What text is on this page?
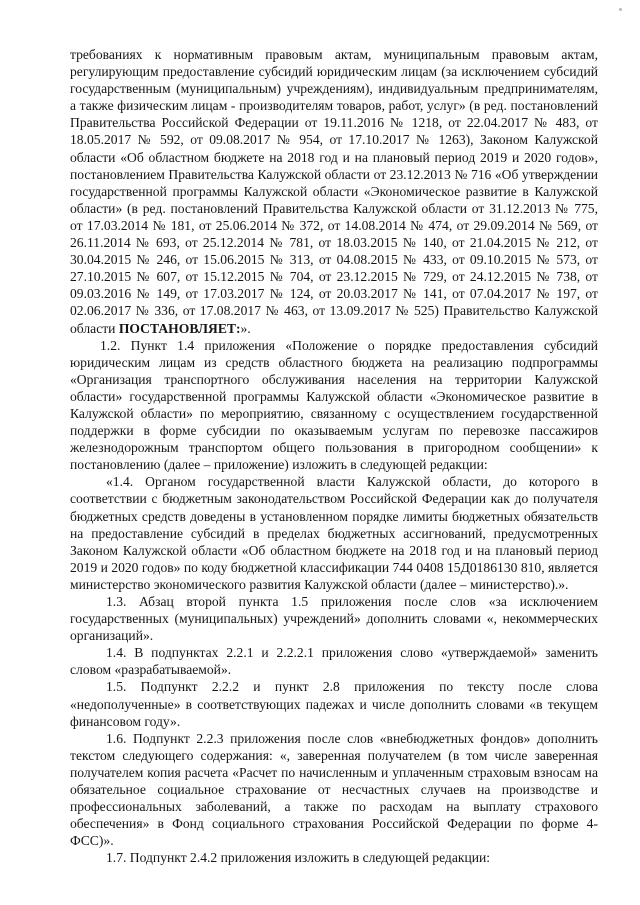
требованиях к нормативным правовым актам, муниципальным правовым актам, регулирующим предоставление субсидий юридическим лицам (за исключением субсидий государственным (муниципальным) учреждениям), индивидуальным предпринимателям, а также физическим лицам - производителям товаров, работ, услуг» (в ред. постановлений Правительства Российской Федерации от 19.11.2016 № 1218, от 22.04.2017 № 483, от 18.05.2017 № 592, от 09.08.2017 № 954, от 17.10.2017 № 1263), Законом Калужской области «Об областном бюджете на 2018 год и на плановый период 2019 и 2020 годов», постановлением Правительства Калужской области от 23.12.2013 № 716 «Об утверждении государственной программы Калужской области «Экономическое развитие в Калужской области» (в ред. постановлений Правительства Калужской области от 31.12.2013 № 775, от 17.03.2014 № 181, от 25.06.2014 № 372, от 14.08.2014 № 474, от 29.09.2014 № 569, от 26.11.2014 № 693, от 25.12.2014 № 781, от 18.03.2015 № 140, от 21.04.2015 № 212, от 30.04.2015 № 246, от 15.06.2015 № 313, от 04.08.2015 № 433, от 09.10.2015 № 573, от 27.10.2015 № 607, от 15.12.2015 № 704, от 23.12.2015 № 729, от 24.12.2015 № 738, от 09.03.2016 № 149, от 17.03.2017 № 124, от 20.03.2017 № 141, от 07.04.2017 № 197, от 02.06.2017 № 336, от 17.08.2017 № 463, от 13.09.2017 № 525) Правительство Калужской области ПОСТАНОВЛЯЕТ:».

1.2. Пункт 1.4 приложения «Положение о порядке предоставления субсидий юридическим лицам из средств областного бюджета на реализацию подпрограммы «Организация транспортного обслуживания населения на территории Калужской области» государственной программы Калужской области «Экономическое развитие в Калужской области» по мероприятию, связанному с осуществлением государственной поддержки в форме субсидии по оказываемым услугам по перевозке пассажиров железнодорожным транспортом общего пользования в пригородном сообщении» к постановлению (далее – приложение) изложить в следующей редакции:

«1.4. Органом государственной власти Калужской области, до которого в соответствии с бюджетным законодательством Российской Федерации как до получателя бюджетных средств доведены в установленном порядке лимиты бюджетных обязательств на предоставление субсидий в пределах бюджетных ассигнований, предусмотренных Законом Калужской области «Об областном бюджете на 2018 год и на плановый период 2019 и 2020 годов» по коду бюджетной классификации 744 0408 15Д0186130 810, является министерство экономического развития Калужской области (далее – министерство).».

1.3. Абзац второй пункта 1.5 приложения после слов «за исключением государственных (муниципальных) учреждений» дополнить словами «, некоммерческих организаций».

1.4. В подпунктах 2.2.1 и 2.2.2.1 приложения слово «утверждаемой» заменить словом «разрабатываемой».

1.5. Подпункт 2.2.2 и пункт 2.8 приложения по тексту после слова «недополученные» в соответствующих падежах и числе дополнить словами «в текущем финансовом году».

1.6. Подпункт 2.2.3 приложения после слов «внебюджетных фондов» дополнить текстом следующего содержания: «, заверенная получателем (в том числе заверенная получателем копия расчета «Расчет по начисленным и уплаченным страховым взносам на обязательное социальное страхование от несчастных случаев на производстве и профессиональных заболеваний, а также по расходам на выплату страхового обеспечения» в Фонд социального страхования Российской Федерации по форме 4-ФСС)».

1.7. Подпункт 2.4.2 приложения изложить в следующей редакции:
